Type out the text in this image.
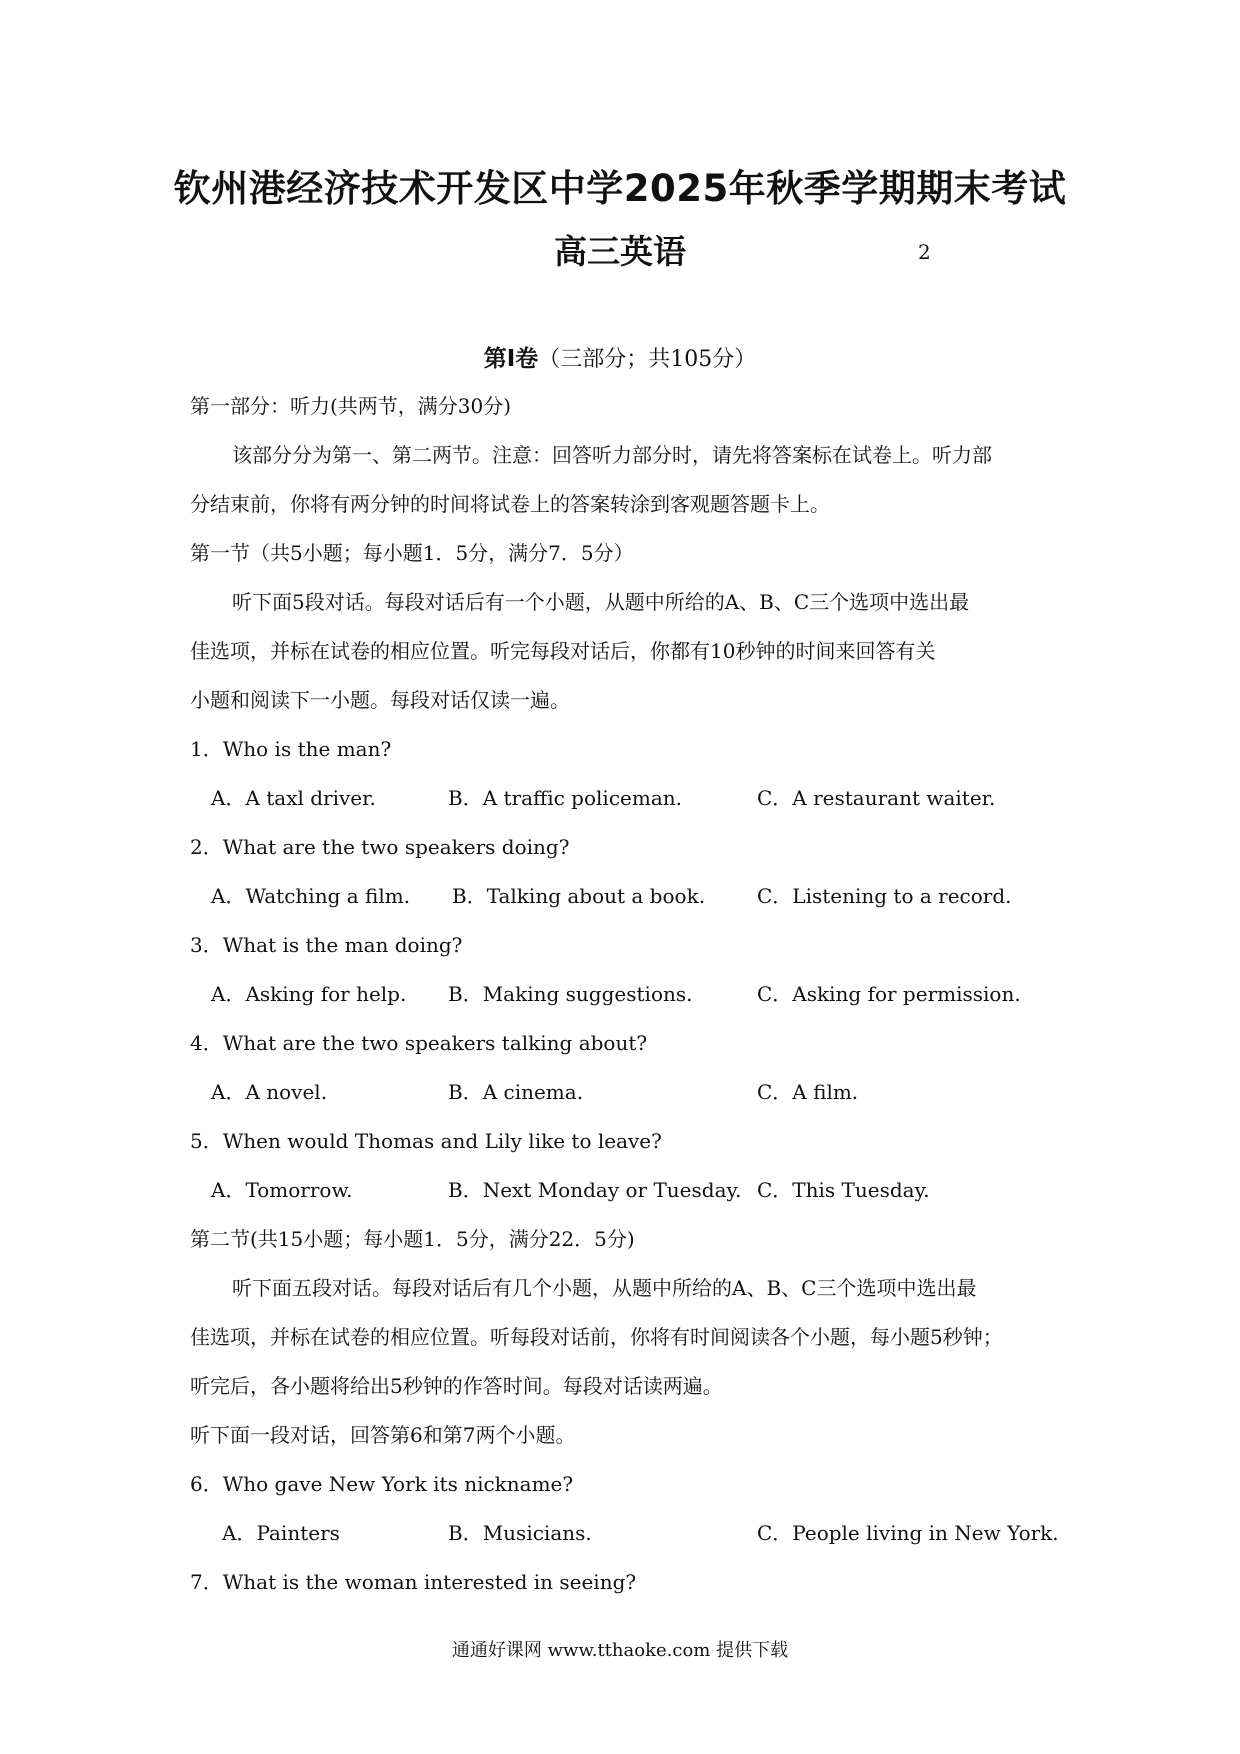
钦州港经济技术开发区中学2025年秋季学期期末考试
高三英语	2
第Ⅰ卷（三部分；共105分）
第一部分：听力(共两节，满分30分)
该部分分为第一、第二两节。注意：回答听力部分时，请先将答案标在试卷上。听力部
分结束前，你将有两分钟的时间将试卷上的答案转涂到客观题答题卡上。
第一节（共5小题；每小题1．5分，满分7．5分）
听下面5段对话。每段对话后有一个小题，从题中所给的A、B、C三个选项中选出最
佳选项，并标在试卷的相应位置。听完每段对话后，你都有10秒钟的时间来回答有关
小题和阅读下一小题。每段对话仅读一遍。
1．Who is the man?
A．A taxl driver.	B．A traffic policeman.	C．A restaurant waiter.
2．What are the two speakers doing?
A．Watching a film. B．Talking about a book.	C．Listening to a record.
3．What is the man doing?
A．Asking for help. B．Making suggestions.	C．Asking for permission.
4．What are the two speakers talking about?
A．A novel.	B．A cinema.	C．A film.
5．When would Thomas and Lily like to leave?
A．Tomorrow.	B．Next Monday or Tuesday. C．This Tuesday.
第二节(共15小题；每小题1．5分，满分22．5分)
听下面五段对话。每段对话后有几个小题，从题中所给的A、B、C三个选项中选出最
佳选项，并标在试卷的相应位置。听每段对话前，你将有时间阅读各个小题，每小题5秒钟；
听完后，各小题将给出5秒钟的作答时间。每段对话读两遍。
听下面一段对话，回答第6和第7两个小题。
6．Who gave New York its nickname?
A．Painters	B．Musicians.	C．People living in New York.
7．What is the woman interested in seeing?
通通好课网 www.tthaoke.com 提供下载
